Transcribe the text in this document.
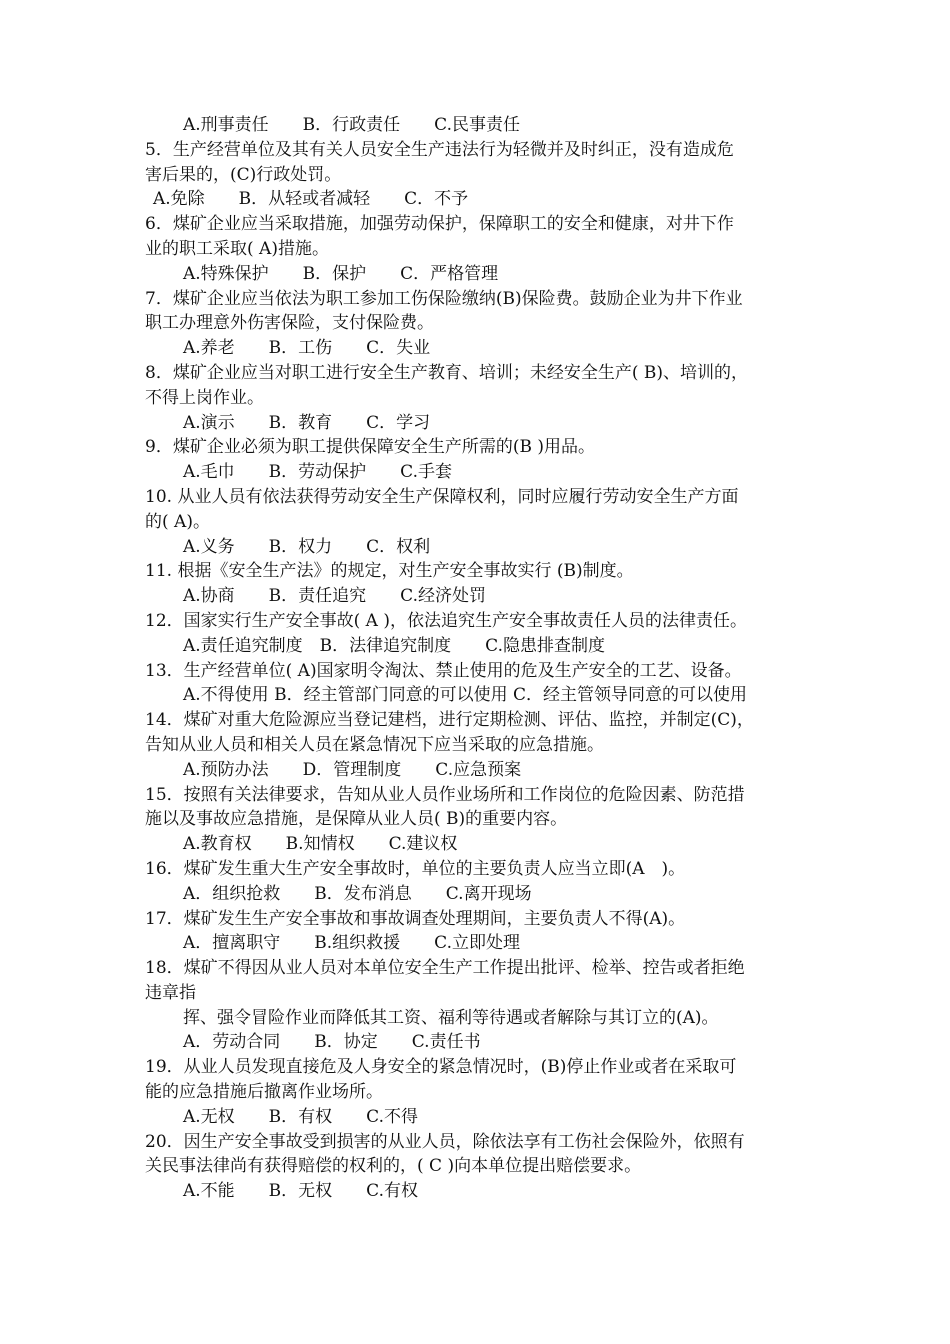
A.刑事责任　　B．行政责任　　C.民事责任
5．生产经营单位及其有关人员安全生产违法行为轻微并及时纠正，没有造成危
害后果的，(C)行政处罚。
A.免除　　B．从轻或者减轻　　C．不予
6．煤矿企业应当采取措施，加强劳动保护，保障职工的安全和健康，对井下作
业的职工采取( A)措施。
A.特殊保护　　B．保护　　C．严格管理
7．煤矿企业应当依法为职工参加工伤保险缴纳(B)保险费。鼓励企业为井下作业
职工办理意外伤害保险，支付保险费。
A.养老　　B．工伤　　C．失业
8．煤矿企业应当对职工进行安全生产教育、培训；未经安全生产( B)、培训的，
不得上岗作业。
A.演示　　B．教育　　C．学习
9．煤矿企业必须为职工提供保障安全生产所需的(B )用品。
A.毛巾　　B．劳动保护　　C.手套
10. 从业人员有依法获得劳动安全生产保障权利，同时应履行劳动安全生产方面
的( A)。
A.义务　　B．权力　　C．权利
11. 根据《安全生产法》的规定，对生产安全事故实行 (B)制度。
A.协商　　B．责任追究　　C.经济处罚
12．国家实行生产安全事故( A )，依法追究生产安全事故责任人员的法律责任。
A.责任追究制度　B．法律追究制度　　C.隐患排查制度
13．生产经营单位( A)国家明令淘汰、禁止使用的危及生产安全的工艺、设备。
A.不得使用 B．经主管部门同意的可以使用 C．经主管领导同意的可以使用
14．煤矿对重大危险源应当登记建档，进行定期检测、评估、监控，并制定(C)，
告知从业人员和相关人员在紧急情况下应当采取的应急措施。
A.预防办法　　D．管理制度　　C.应急预案
15．按照有关法律要求，告知从业人员作业场所和工作岗位的危险因素、防范措
施以及事故应急措施，是保障从业人员( B)的重要内容。
A.教育权　　B.知情权　　C.建议权
16．煤矿发生重大生产安全事故时，单位的主要负责人应当立即(A　)。
A．组织抢救　　B．发布消息　　C.离开现场
17．煤矿发生生产安全事故和事故调查处理期间，主要负责人不得(A)。
A．擅离职守　　B.组织救援　　C.立即处理
18．煤矿不得因从业人员对本单位安全生产工作提出批评、检举、控告或者拒绝
违章指
挥、强令冒险作业而降低其工资、福利等待遇或者解除与其订立的(A)。
A．劳动合同　　B．协定　　C.责任书
19．从业人员发现直接危及人身安全的紧急情况时，(B)停止作业或者在采取可
能的应急措施后撤离作业场所。
A.无权　　B．有权　　C.不得
20．因生产安全事故受到损害的从业人员，除依法享有工伤社会保险外，依照有
关民事法律尚有获得赔偿的权利的，( C )向本单位提出赔偿要求。
A.不能　　B．无权　　C.有权
